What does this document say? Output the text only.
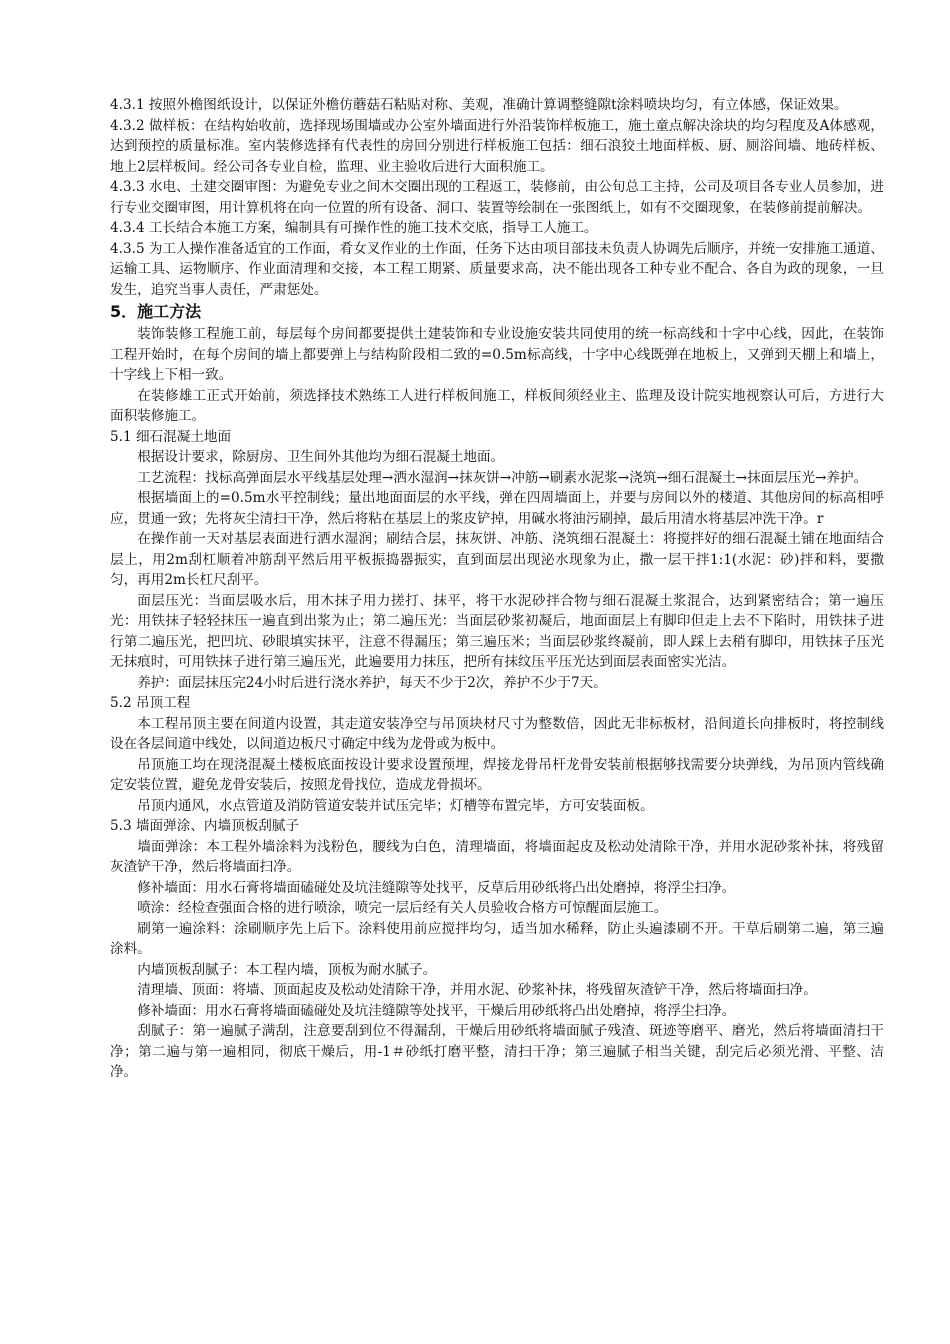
4.3.1 按照外檐图纸设计，以保证外檐仿蘑菇石粘贴对称、美观，准确计算调整缝隙t涂料喷块均匀，有立体感，保证效果。

4.3.2 做样板：在结构始收前，选择现场围墙或办公室外墙面进行外沿装饰样板施工，施土童点解决涂块的均匀程度及A体感观，达到预控的质量标准。室内装修选择有代表性的房回分别进行样板施工包括：细石浪狡土地面样板、厨、厕浴间墙、地砖样板、地上2层样板间。经公司各专业自检，监理、业主验收后进行大面积施工。

4.3.3 水电、土建交圈审图：为避免专业之间木交圈出现的工程返工，装修前，由公旬总工主持，公司及项目各专业人员参加，进行专业交圈审图，用计算机将在向一位置的所有设备、洞口、装置等绘制在一张图纸上，如有不交圈现象，在装修前提前解决。

4.3.4 工长结合本施工方案，编制具有可操作性的施工技术交底，指导工人施工。

4.3.5 为工人操作准备适宜的工作面，肴女叉作业的土作面，任务下达由项目部技未负责人协调先后顺序，并统一安排施工通道、运输工具、运物顺序、作业面清理和交接，本工程工期紧、质量要求高，决不能出现各工种专业不配合、各自为政的现象，一旦发生，追究当事人责任，严肃惩处。

5．施工方法

装饰装修工程施工前，每层每个房间都要提供土建装饰和专业设施安装共同使用的统一标高线和十字中心线，因此，在装饰工程开始时，在每个房间的墙上都要弹上与结构阶段相二致的=0.5m标高线，十字中心线既弹在地板上，又弹到天棚上和墙上，十字线上下相一致。

在装修雄工正式开始前，须选择技术熟练工人进行样板间施工，样板间须经业主、监理及设计院实地视察认可后，方进行大面积装修施工。

5.1 细石混凝土地面

根据设计要求，除厨房、卫生间外其他均为细石混凝土地面。

工艺流程：找标高弹面层水平线基层处理→洒水湿润→抹灰饼→冲筋→刷素水泥浆→浇筑→细石混凝土→抹面层压光→养护。

根据墙面上的=0.5m水平控制线；量出地面面层的水平线，弹在四周墙面上，并要与房间以外的楼道、其他房间的标高相呼应，贯通一致；先将灰尘清扫干净，然后将粘在基层上的浆皮铲掉，用碱水将油污刷掉，最后用清水将基层冲洗干净。r

在操作前一天对基层表面进行洒水湿润；刷结合层，抹灰饼、冲筋、浇筑细石混凝土：将搅拌好的细石混凝土铺在地面结合层上，用2m刮杠顺着冲筋刮平然后用平板振捣器振实，直到面层出现泌水现象为止，撒一层干拌1:1(水泥：砂)拌和料，要撒匀，再用2m长杠尺刮平。

面层压光：当面层吸水后，用木抹子用力搓打、抹平，将干水泥砂拌合物与细石混凝土浆混合，达到紧密结合；第一遍压光：用铁抹子轻轻抹压一遍直到出浆为止；第二遍压光：当面层砂浆初凝后，地面面层上有脚印但走上去不下陷时，用铁抹子进行第二遍压光，把凹坑、砂眼填实抹平，注意不得漏压；第三遍压米；当面层砂浆终凝前，即人踩上去稍有脚印，用铁抹子压光无抹痕时，可用铁抹子进行第三遍压光，此遍要用力抹压，把所有抹纹压平压光达到面层表面密实光洁。

养护：面层抹压完24小时后进行浇水养护，每天不少于2次，养护不少于7天。

5.2 吊顶工程

本工程吊顶主要在间道内设置，其走道安装净空与吊顶块材尺寸为整数倍，因此无非标板材，沿间道长向排板时，将控制线设在各层间道中线处，以间道边板尺寸确定中线为龙骨或为板中。

吊顶施工均在现浇混凝土楼板底面按设计要求设置预埋，焊接龙骨吊杆龙骨安装前根据够找需要分块弹线，为吊顶内管线确定安装位置，避免龙骨安装后，按照龙骨找位，造成龙骨损坏。

吊顶内通风，水点管道及消防管道安装并试压完毕；灯槽等布置完毕，方可安装面板。

5.3 墙面弹涂、内墙顶板刮腻子

墙面弹涂：本工程外墙涂料为浅粉色，腰线为白色，清理墙面，将墙面起皮及松动处清除干净，并用水泥砂浆补抹，将残留灰渣铲干净，然后将墙面扫净。

修补墙面：用水石膏将墙面磕碰处及坑洼缝隙等处找平，反草后用砂纸将凸出处磨掉，将浮尘扫净。

喷涂：经检查强面合格的进行喷涂，喷完一层后经有关人员验收合格方可惊醒面层施工。

刷第一遍涂料：涂刷顺序先上后下。涂料使用前应搅拌均匀，适当加水稀释，防止头遍漆刷不开。干草后刷第二遍，第三遍涂料。

内墙顶板刮腻子：本工程内墙，顶板为耐水腻子。

清理墙、顶面：将墙、顶面起皮及松动处清除干净，并用水泥、砂浆补抹，将残留灰渣铲干净，然后将墙面扫净。

修补墙面：用水石膏将墙面磕碰处及坑洼缝隙等处找平，干燥后用砂纸将凸出处磨掉，将浮尘扫净。

刮腻子：第一遍腻子满刮，注意要刮到位不得漏刮，干燥后用砂纸将墙面腻子残渣、斑迹等磨平、磨光，然后将墙面清扫干净；第二遍与第一遍相同，彻底干燥后，用-1＃砂纸打磨平整，清扫干净；第三遍腻子相当关键，刮完后必须光滑、平整、洁净。
